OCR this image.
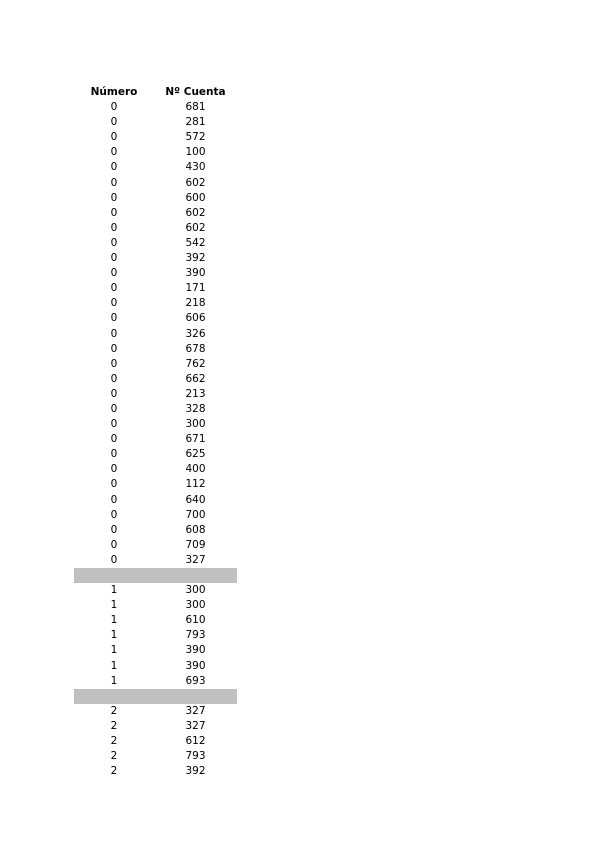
Número	Nº Cuenta
0	681
0	281
0	572
0	100
0	430
0	602
0	600
0	602
0	602
0	542
0	392
0	390
0	171
0	218
0	606
0	326
0	678
0	762
0	662
0	213
0	328
0	300
0	671
0	625
0	400
0	112
0	640
0	700
0	608
0	709
0	327
1	300
1	300
1	610
1	793
1	390
1	390
1	693
2	327
2	327
2	612
2	793
2	392
